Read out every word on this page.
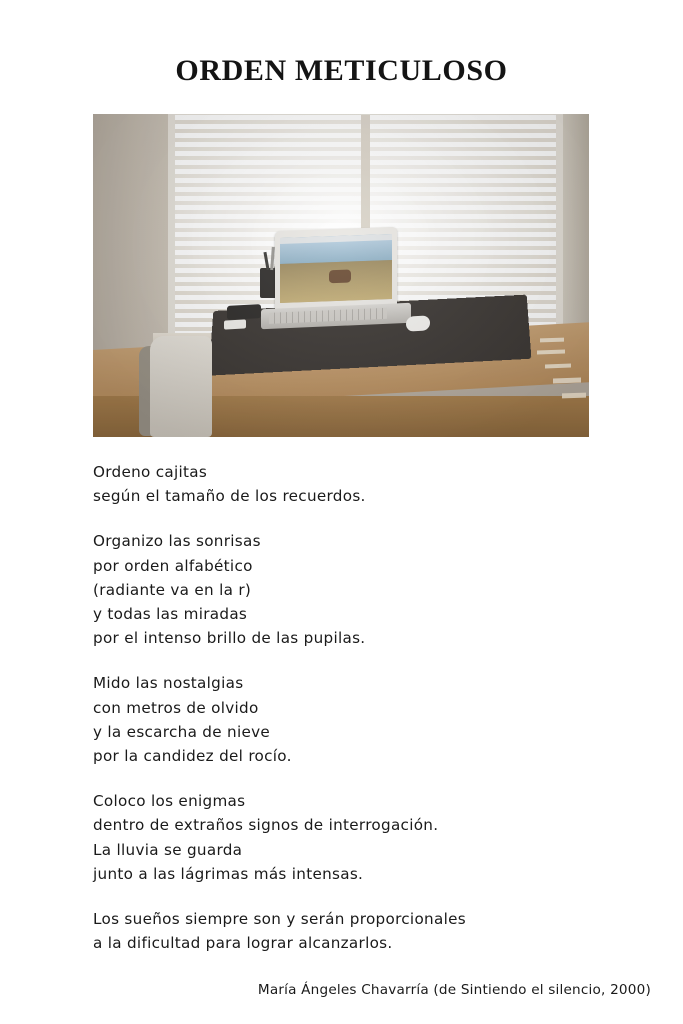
ORDEN METICULOSO

Ordeno cajitas
según el tamaño de los recuerdos.

Organizo las sonrisas
por orden alfabético
(radiante va en la r)
y todas las miradas
por el intenso brillo de las pupilas.

Mido las nostalgias
con metros de olvido
y la escarcha de nieve
por la candidez del rocío.

Coloco los enigmas
dentro de extraños signos de interrogación.
La lluvia se guarda
junto a las lágrimas más intensas.

Los sueños siempre son y serán proporcionales
a la dificultad para lograr alcanzarlos.

María Ángeles Chavarría (de Sintiendo el silencio, 2000)
